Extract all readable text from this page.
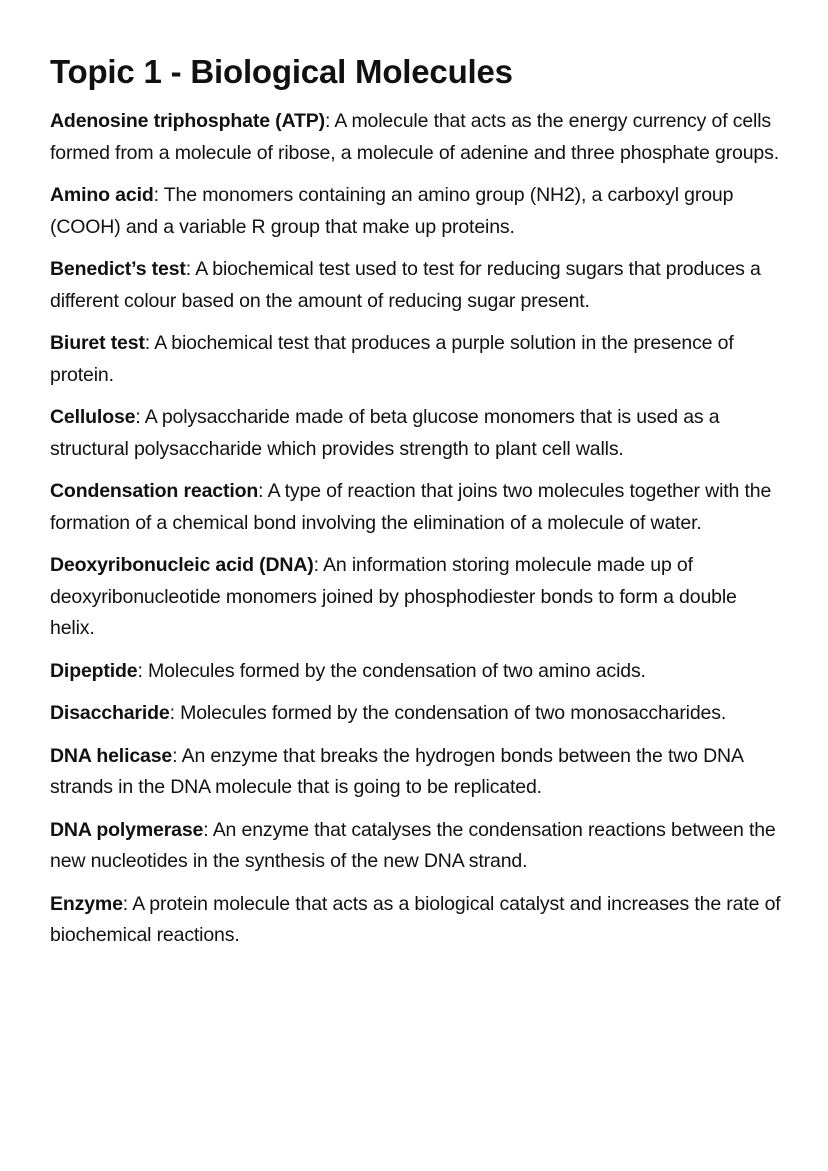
Topic 1 - Biological Molecules

Adenosine triphosphate (ATP): A molecule that acts as the energy currency of cells formed from a molecule of ribose, a molecule of adenine and three phosphate groups.

Amino acid: The monomers containing an amino group (NH2), a carboxyl group (COOH) and a variable R group that make up proteins.

Benedict’s test: A biochemical test used to test for reducing sugars that produces a different colour based on the amount of reducing sugar present.

Biuret test: A biochemical test that produces a purple solution in the presence of protein.

Cellulose: A polysaccharide made of beta glucose monomers that is used as a structural polysaccharide which provides strength to plant cell walls.

Condensation reaction: A type of reaction that joins two molecules together with the formation of a chemical bond involving the elimination of a molecule of water.

Deoxyribonucleic acid (DNA): An information storing molecule made up of deoxyribonucleotide monomers joined by phosphodiester bonds to form a double helix.

Dipeptide: Molecules formed by the condensation of two amino acids.

Disaccharide: Molecules formed by the condensation of two monosaccharides.

DNA helicase: An enzyme that breaks the hydrogen bonds between the two DNA strands in the DNA molecule that is going to be replicated.

DNA polymerase: An enzyme that catalyses the condensation reactions between the new nucleotides in the synthesis of the new DNA strand.

Enzyme: A protein molecule that acts as a biological catalyst and increases the rate of biochemical reactions.
